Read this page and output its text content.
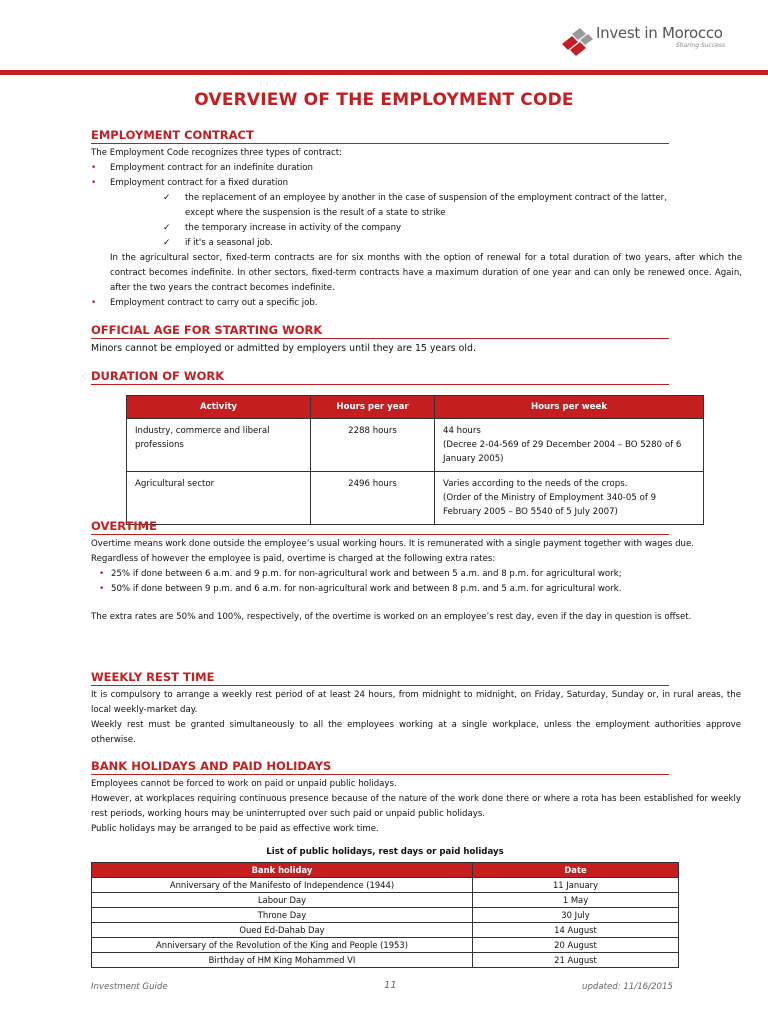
Invest in Morocco
Sharing Success
OVERVIEW OF THE EMPLOYMENT CODE
EMPLOYMENT CONTRACT

The Employment Code recognizes three types of contract:

• Employment contract for an indefinite duration
• Employment contract for a fixed duration
✓ the replacement of an employee by another in the case of suspension of the employment contract of the latter,
except where the suspension is the result of a state to strike
✓ the temporary increase in activity of the company
✓ if it's a seasonal job.

In the agricultural sector, fixed-term contracts are for six months with the option of renewal for a total duration of two years, after which the contract becomes indefinite. In other sectors, fixed-term contracts have a maximum duration of one year and can only be renewed once. Again, after the two years the contract becomes indefinite.

• Employment contract to carry out a specific job.
OFFICIAL AGE FOR STARTING WORK

Minors cannot be employed or admitted by employers until they are 15 years old.

DURATION OF WORK
Activity	Hours per year	Hours per week
Industry, commerce and liberal professions	2288 hours	44 hours
(Decree 2-04-569 of 29 December 2004 – BO 5280 of 6 January 2005)

Agricultural sector	2496 hours	Varies according to the needs of the crops.
(Order of the Ministry of Employment 340-05 of 9 February 2005 – BO 5540 of 5 July 2007)
OVERTIME

Overtime means work done outside the employee’s usual working hours. It is remunerated with a single payment together with wages due.

Regardless of however the employee is paid, overtime is charged at the following extra rates:

• 25% if done between 6 a.m. and 9 p.m. for non-agricultural work and between 5 a.m. and 8 p.m. for agricultural work;
• 50% if done between 9 p.m. and 6 a.m. for non-agricultural work and between 8 p.m. and 5 a.m. for agricultural work.

The extra rates are 50% and 100%, respectively, of the overtime is worked on an employee’s rest day, even if the day in question is offset.

WEEKLY REST TIME

It is compulsory to arrange a weekly rest period of at least 24 hours, from midnight to midnight, on Friday, Saturday, Sunday or, in rural areas, the local weekly-market day.

Weekly rest must be granted simultaneously to all the employees working at a single workplace, unless the employment authorities approve otherwise.

BANK HOLIDAYS AND PAID HOLIDAYS

Employees cannot be forced to work on paid or unpaid public holidays.

However, at workplaces requiring continuous presence because of the nature of the work done there or where a rota has been established for weekly rest periods, working hours may be uninterrupted over such paid or unpaid public holidays.

Public holidays may be arranged to be paid as effective work time.

List of public holidays, rest days or paid holidays
Bank holiday	Date
Anniversary of the Manifesto of Independence (1944)	11 January
Labour Day	1 May
Throne Day	30 July
Oued Ed-Dahab Day	14 August
Anniversary of the Revolution of the King and People (1953)	20 August
Birthday of HM King Mohammed VI	21 August
Investment Guide	11	updated: 11/16/2015
